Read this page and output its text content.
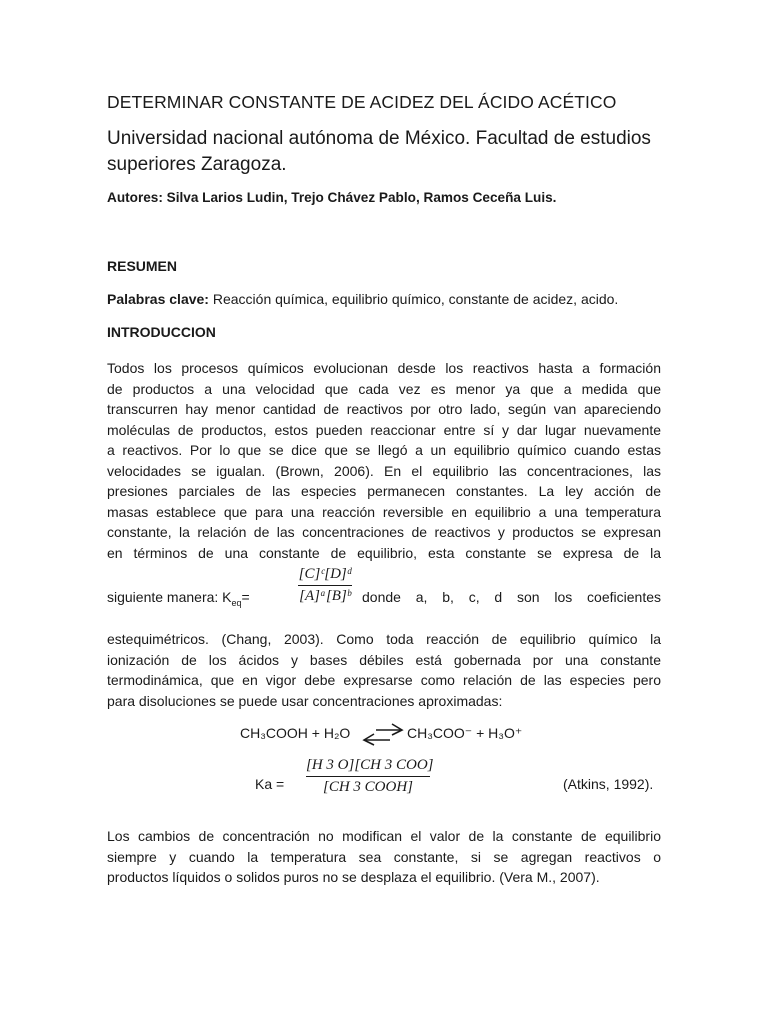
DETERMINAR CONSTANTE DE ACIDEZ DEL ÁCIDO ACÉTICO
Universidad nacional autónoma de México. Facultad de estudios superiores Zaragoza.
Autores: Silva Larios Ludin, Trejo Chávez Pablo, Ramos Ceceña Luis.
RESUMEN
Palabras clave: Reacción química, equilibrio químico, constante de acidez, acido.
INTRODUCCION
Todos los procesos químicos evolucionan desde los reactivos hasta a formación
de productos a una velocidad que cada vez es menor ya que a medida que
transcurren hay menor cantidad de reactivos por otro lado, según van apareciendo
moléculas de productos, estos pueden reaccionar entre sí y dar lugar nuevamente
a reactivos. Por lo que se dice que se llegó a un equilibrio químico cuando estas
velocidades se igualan. (Brown, 2006). En el equilibrio las concentraciones, las
presiones parciales de las especies permanecen constantes. La ley acción de
masas establece que para una reacción reversible en equilibrio a una temperatura
constante, la relación de las concentraciones de reactivos y productos se expresan
en términos de una constante de equilibrio, esta constante se expresa de la
siguiente manera: $K_{eq}=$
[C]ᶜ[D]ᵈ
[A]ᵃ[B]ᵇ donde a, b, c, d son los coeficientes
estequimétricos. (Chang, 2003). Como toda reacción de equilibrio químico la
ionización de los ácidos y bases débiles está gobernada por una constante
termodinámica, que en vigor debe expresarse como relación de las especies pero
para disoluciones se puede usar concentraciones aproximadas:
CH₃COOH + H₂O ⇌ CH₃COO⁻ + H₃O⁺
Ka =
[H 3 O][CH 3 COO]
[CH 3 COOH]	(Atkins, 1992).
Los cambios de concentración no modifican el valor de la constante de equilibrio
siempre y cuando la temperatura sea constante, si se agregan reactivos o
productos líquidos o solidos puros no se desplaza el equilibrio. (Vera M., 2007).
